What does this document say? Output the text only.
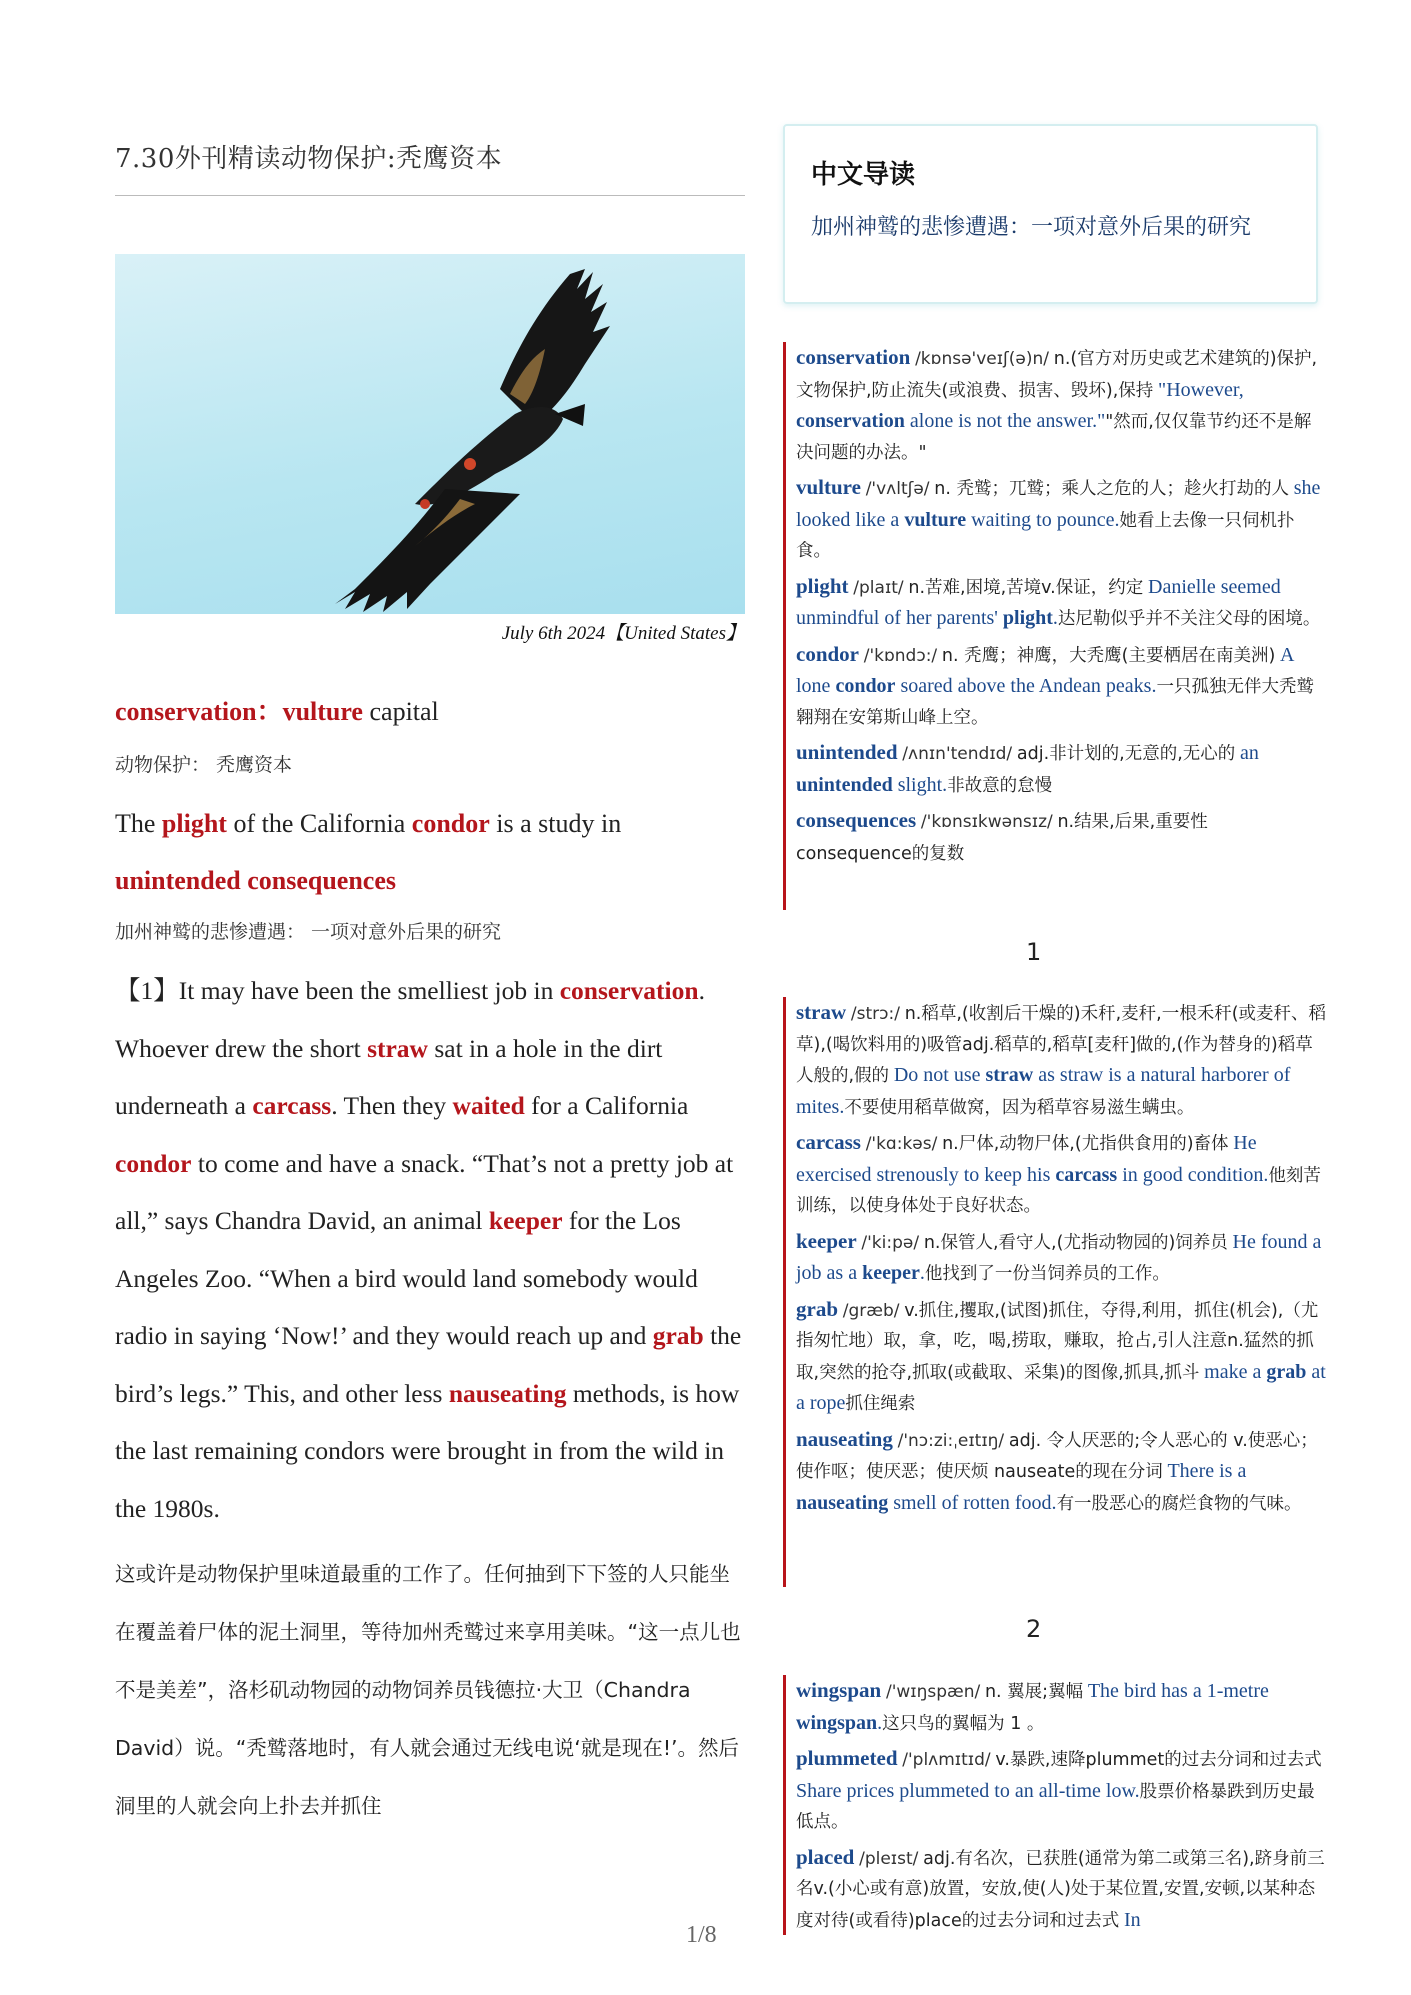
7.30外刊精读动物保护:秃鹰资本
July 6th 2024【United States】
conservation：vulture capital
动物保护： 秃鹰资本
The plight of the California condor is a study in unintended consequences
加州神鹫的悲惨遭遇： 一项对意外后果的研究
【1】It may have been the smelliest job in conservation. Whoever drew the short straw sat in a hole in the dirt underneath a carcass. Then they waited for a California condor to come and have a snack. “That’s not a pretty job at all,” says Chandra David, an animal keeper for the Los Angeles Zoo. “When a bird would land somebody would radio in saying ‘Now!’ and they would reach up and grab the bird’s legs.” This, and other less nauseating methods, is how the last remaining condors were brought in from the wild in the 1980s.
这或许是动物保护里味道最重的工作了。任何抽到下下签的人只能坐在覆盖着尸体的泥土洞里，等待加州秃鹫过来享用美味。“这一点儿也不是美差”，洛杉矶动物园的动物饲养员钱德拉·大卫（Chandra David）说。“秃鹫落地时，有人就会通过无线电说‘就是现在!’。然后洞里的人就会向上扑去并抓住
1/8
中文导读
加州神鹫的悲惨遭遇：一项对意外后果的研究
conservation /kɒnsə'veɪʃ(ə)n/ n.(官方对历史或艺术建筑的)保护,文物保护,防止流失(或浪费、损害、毁坏),保持 "However, conservation alone is not the answer.""然而,仅仅靠节约还不是解决问题的办法。"
vulture /'vʌltʃə/ n. 秃鹫；兀鹫；乘人之危的人；趁火打劫的人 she looked like a vulture waiting to pounce.她看上去像一只伺机扑食。
plight /plaɪt/ n.苦难,困境,苦境v.保证，约定 Danielle seemed unmindful of her parents' plight.达尼勒似乎并不关注父母的困境。
condor /'kɒndɔ:/ n. 秃鹰；神鹰，大秃鹰(主要栖居在南美洲) A lone condor soared above the Andean peaks.一只孤独无伴大秃鹫翱翔在安第斯山峰上空。
unintended /ʌnɪn'tendɪd/ adj.非计划的,无意的,无心的 an unintended slight.非故意的怠慢
consequences /'kɒnsɪkwənsɪz/ n.结果,后果,重要性 consequence的复数
1
straw /strɔ:/ n.稻草,(收割后干燥的)禾秆,麦秆,一根禾秆(或麦秆、稻草),(喝饮料用的)吸管adj.稻草的,稻草[麦秆]做的,(作为替身的)稻草人般的,假的 Do not use straw as straw is a natural harborer of mites.不要使用稻草做窝，因为稻草容易滋生螨虫。
carcass /'kɑ:kəs/ n.尸体,动物尸体,(尤指供食用的)畜体 He exercised strenously to keep his carcass in good condition.他刻苦训练，以使身体处于良好状态。
keeper /'ki:pə/ n.保管人,看守人,(尤指动物园的)饲养员 He found a job as a keeper.他找到了一份当饲养员的工作。
grab /græb/ v.抓住,攫取,(试图)抓住，夺得,利用，抓住(机会),（尤指匆忙地）取，拿，吃，喝,捞取，赚取，抢占,引人注意n.猛然的抓取,突然的抢夺,抓取(或截取、采集)的图像,抓具,抓斗 make a grab at a rope抓住绳索
nauseating /'nɔ:zi:ˌeɪtɪŋ/ adj. 令人厌恶的;令人恶心的 v.使恶心；使作呕；使厌恶；使厌烦 nauseate的现在分词 There is a nauseating smell of rotten food.有一股恶心的腐烂食物的气味。
2
wingspan /'wɪŋspæn/ n. 翼展;翼幅 The bird has a 1-metre wingspan.这只鸟的翼幅为 1 。
plummeted /'plʌmɪtɪd/ v.暴跌,速降plummet的过去分词和过去式 Share prices plummeted to an all-time low.股票价格暴跌到历史最低点。
placed /pleɪst/ adj.有名次，已获胜(通常为第二或第三名),跻身前三名v.(小心或有意)放置，安放,使(人)处于某位置,安置,安顿,以某种态度对待(或看待)place的过去分词和过去式 In
